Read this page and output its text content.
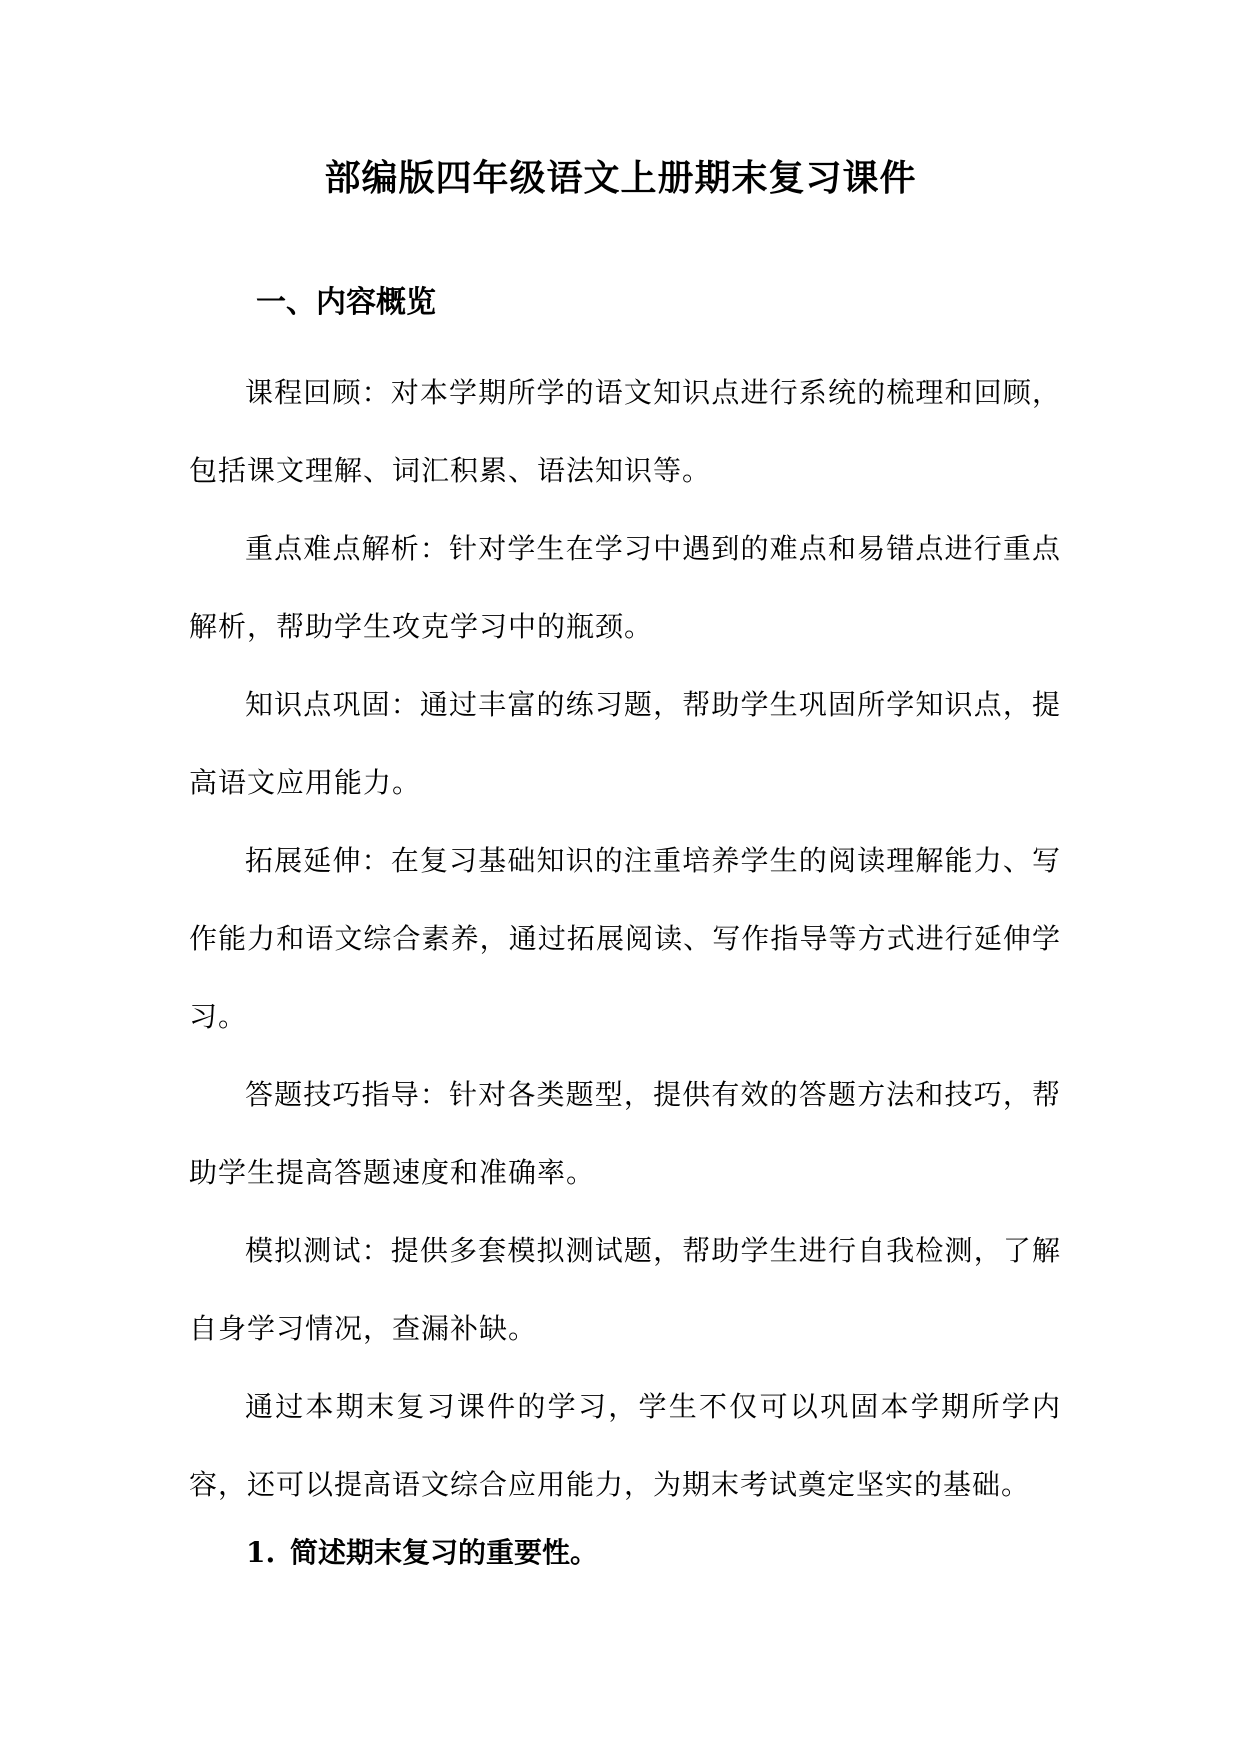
部编版四年级语文上册期末复习课件
一、内容概览

课程回顾：对本学期所学的语文知识点进行系统的梳理和回顾，包括课文理解、词汇积累、语法知识等。

重点难点解析：针对学生在学习中遇到的难点和易错点进行重点解析，帮助学生攻克学习中的瓶颈。

知识点巩固：通过丰富的练习题，帮助学生巩固所学知识点，提高语文应用能力。

拓展延伸：在复习基础知识的注重培养学生的阅读理解能力、写作能力和语文综合素养，通过拓展阅读、写作指导等方式进行延伸学习。

答题技巧指导：针对各类题型，提供有效的答题方法和技巧，帮助学生提高答题速度和准确率。

模拟测试：提供多套模拟测试题，帮助学生进行自我检测，了解自身学习情况，查漏补缺。

通过本期末复习课件的学习，学生不仅可以巩固本学期所学内容，还可以提高语文综合应用能力，为期末考试奠定坚实的基础。

1. 简述期末复习的重要性。
